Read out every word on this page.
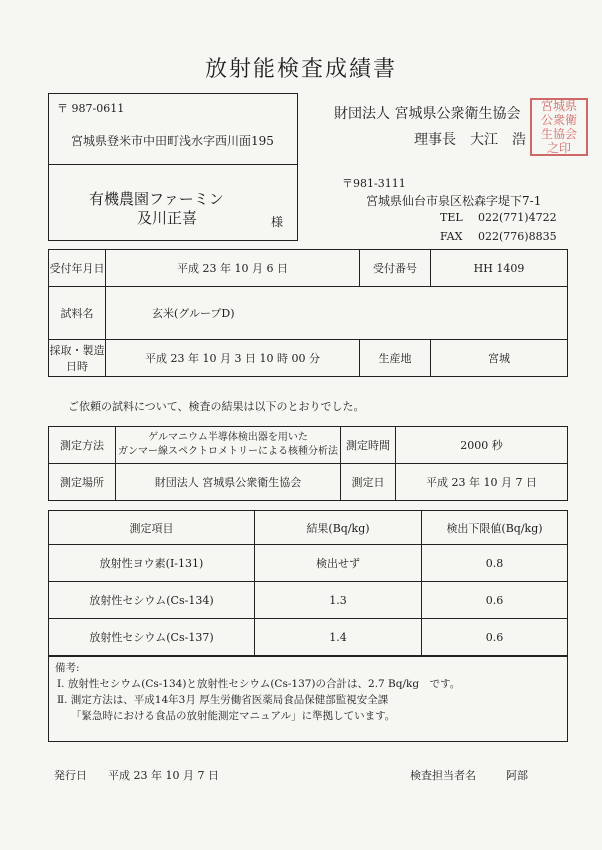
放射能検査成績書
〒 987-0611
宮城県登米市中田町浅水字西川面195
有機農園ファーミン
及川正喜	様
財団法人 宮城県公衆衛生協会
理事長　大江　浩
宮城県公衆衛生協会之印
〒981-3111
宮城県仙台市泉区松森字堤下7-1
TEL 022(771)4722
FAX 022(776)8835
受付年月日	平成 23 年 10 月 6 日	受付番号	HH 1409
試料名	玄米(グループD)		
採取・製造日時	平成 23 年 10 月 3 日 10 時 00 分	生産地	宮城
ご依頼の試料について、検査の結果は以下のとおりでした。
測定方法	ゲルマニウム半導体検出器を用いた
ガンマー線スペクトロメトリーによる核種分析法	測定時間	2000 秒
測定場所	財団法人 宮城県公衆衛生協会	測定日	平成 23 年 10 月 7 日
測定項目	結果(Bq/kg)	検出下限値(Bq/kg)
放射性ヨウ素(I-131)	検出せず	0.8
放射性セシウム(Cs-134)	1.3	0.6
放射性セシウム(Cs-137)	1.4	0.6
備考:
Ⅰ. 放射性セシウム(Cs-134)と放射性セシウム(Cs-137)の合計は、2.7 Bq/kg　です。
Ⅱ. 測定方法は、平成14年3月 厚生労働省医薬局食品保健部監視安全課
「緊急時における食品の放射能測定マニュアル」に準拠しています。
発行日 平成 23 年 10 月 7 日	検査担当者名	阿部
